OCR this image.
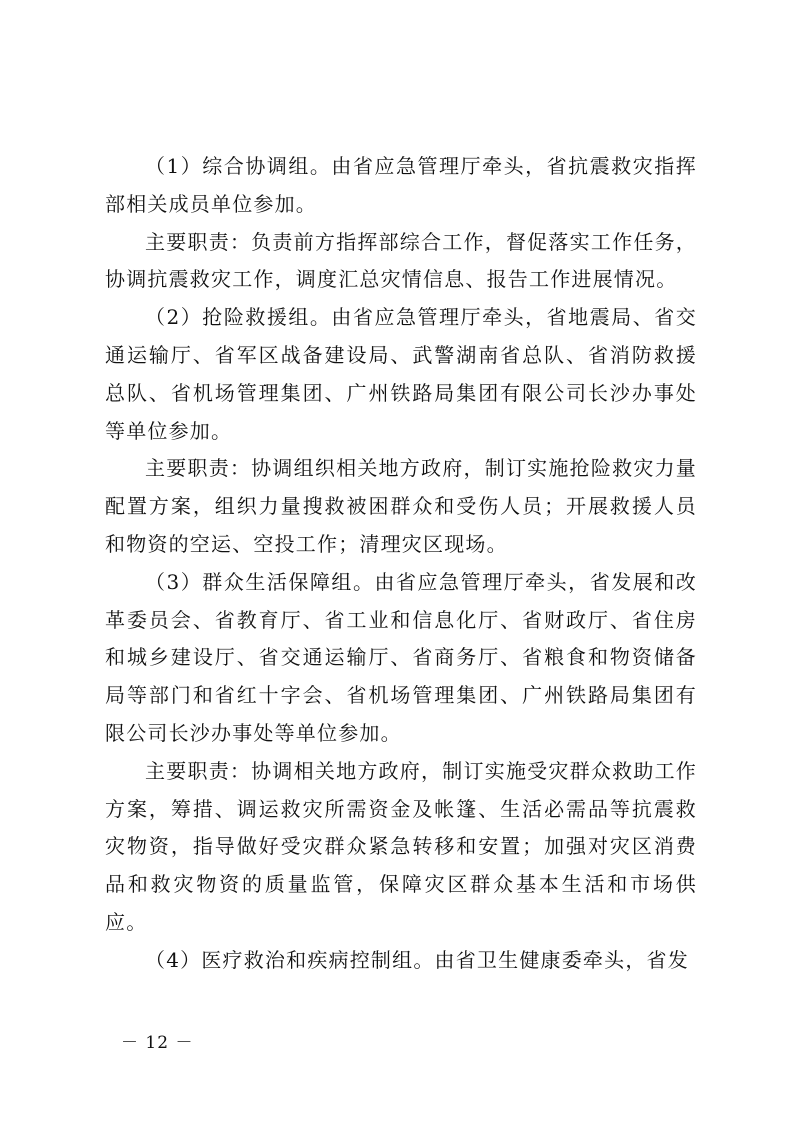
（1）综合协调组。由省应急管理厅牵头，省抗震救灾指挥部相关成员单位参加。

主要职责：负责前方指挥部综合工作，督促落实工作任务，协调抗震救灾工作，调度汇总灾情信息、报告工作进展情况。

（2）抢险救援组。由省应急管理厅牵头，省地震局、省交通运输厅、省军区战备建设局、武警湖南省总队、省消防救援总队、省机场管理集团、广州铁路局集团有限公司长沙办事处等单位参加。

主要职责：协调组织相关地方政府，制订实施抢险救灾力量配置方案，组织力量搜救被困群众和受伤人员；开展救援人员和物资的空运、空投工作；清理灾区现场。

（3）群众生活保障组。由省应急管理厅牵头，省发展和改革委员会、省教育厅、省工业和信息化厅、省财政厅、省住房和城乡建设厅、省交通运输厅、省商务厅、省粮食和物资储备局等部门和省红十字会、省机场管理集团、广州铁路局集团有限公司长沙办事处等单位参加。

主要职责：协调相关地方政府，制订实施受灾群众救助工作方案，筹措、调运救灾所需资金及帐篷、生活必需品等抗震救灾物资，指导做好受灾群众紧急转移和安置；加强对灾区消费品和救灾物资的质量监管，保障灾区群众基本生活和市场供应。

（4）医疗救治和疾病控制组。由省卫生健康委牵头，省发

－ 12 －
